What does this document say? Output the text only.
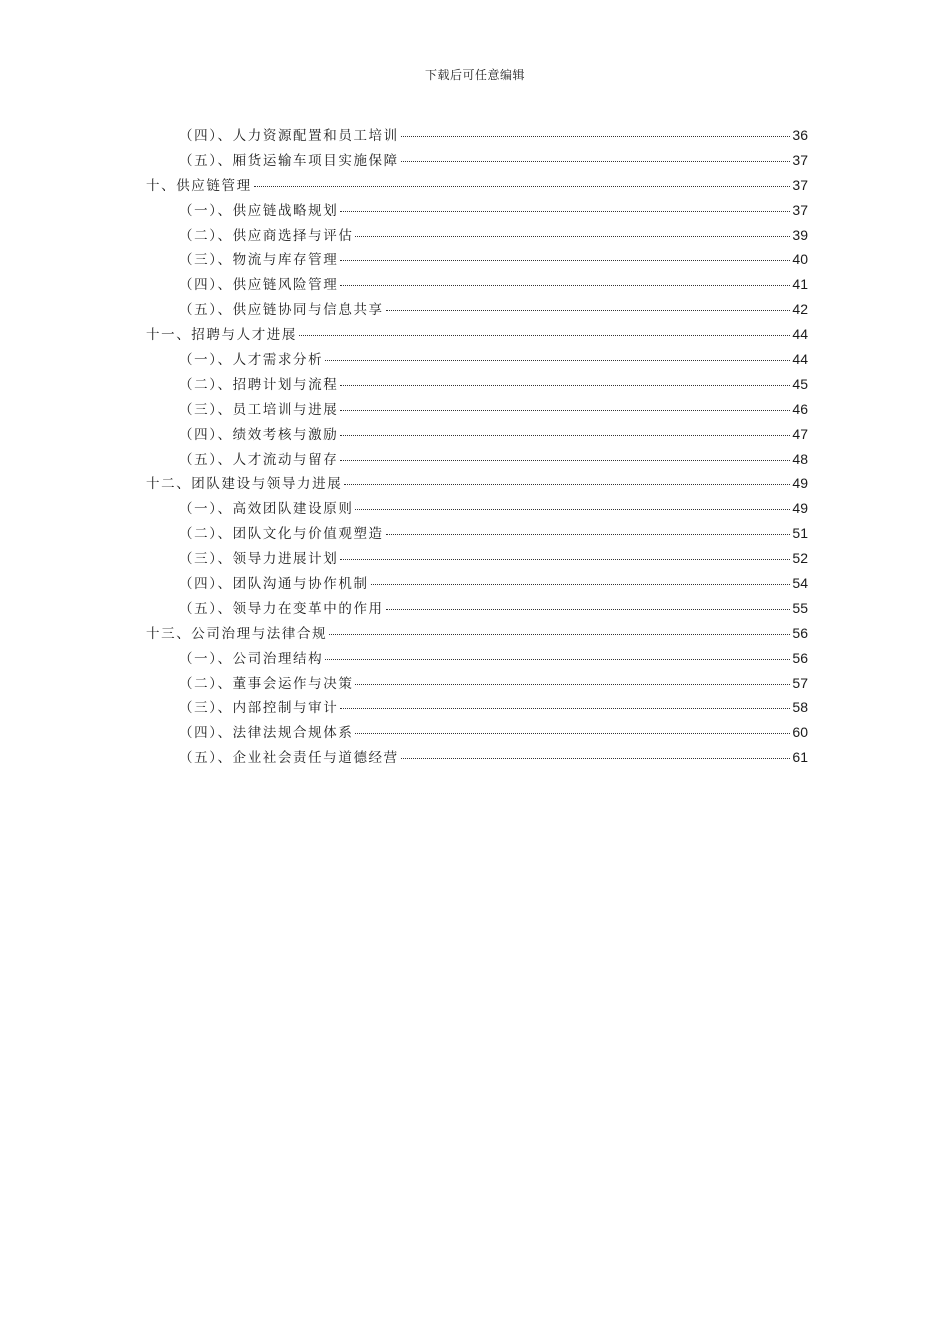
下载后可任意编辑
（四）、人力资源配置和员工培训	36
（五）、厢货运输车项目实施保障	37
十、供应链管理	37
（一）、供应链战略规划	37
（二）、供应商选择与评估	39
（三）、物流与库存管理	40
（四）、供应链风险管理	41
（五）、供应链协同与信息共享	42
十一、招聘与人才进展	44
（一）、人才需求分析	44
（二）、招聘计划与流程	45
（三）、员工培训与进展	46
（四）、绩效考核与激励	47
（五）、人才流动与留存	48
十二、团队建设与领导力进展	49
（一）、高效团队建设原则	49
（二）、团队文化与价值观塑造	51
（三）、领导力进展计划	52
（四）、团队沟通与协作机制	54
（五）、领导力在变革中的作用	55
十三、公司治理与法律合规	56
（一）、公司治理结构	56
（二）、董事会运作与决策	57
（三）、内部控制与审计	58
（四）、法律法规合规体系	60
（五）、企业社会责任与道德经营	61
